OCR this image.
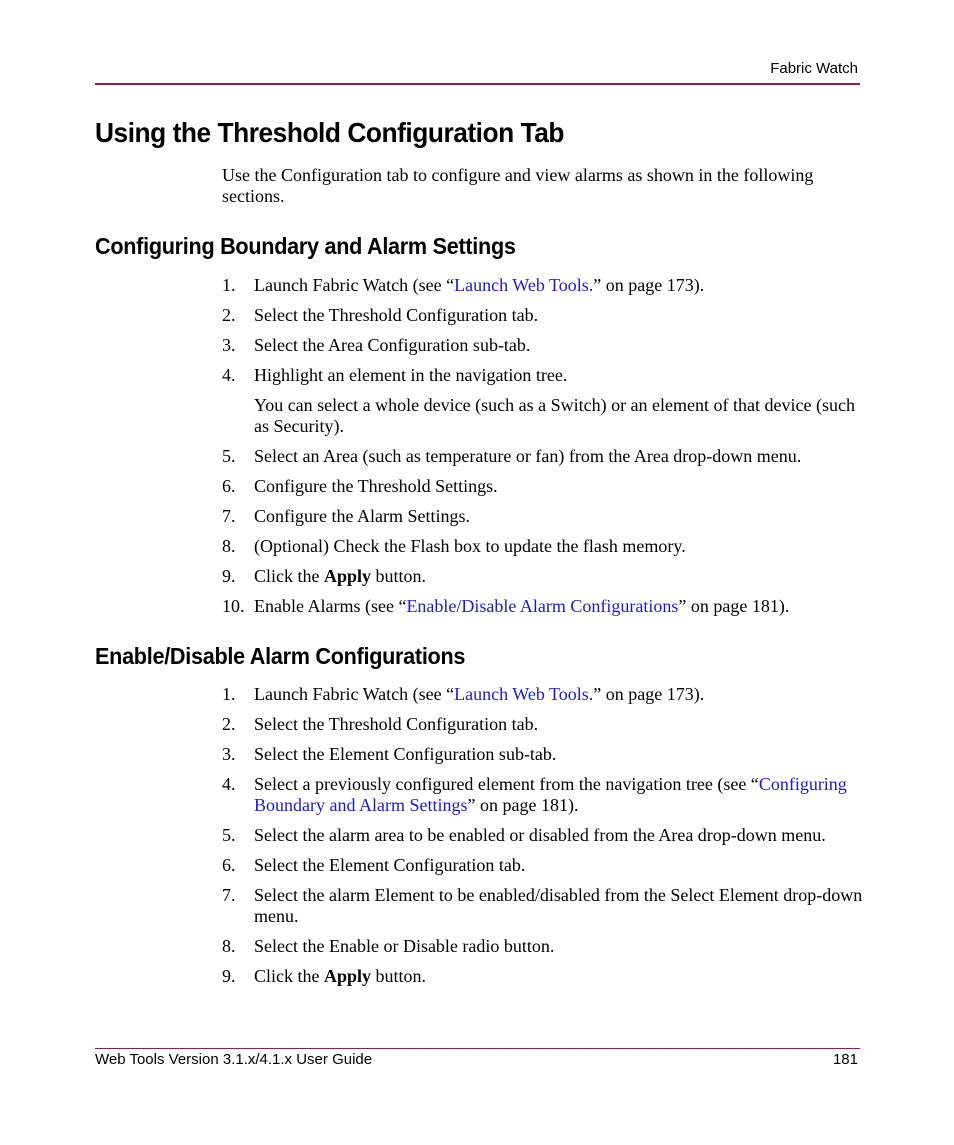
Fabric Watch
Using the Threshold Configuration Tab

Use the Configuration tab to configure and view alarms as shown in the following sections.

Configuring Boundary and Alarm Settings
1. Launch Fabric Watch (see “Launch Web Tools.” on page 173).
2. Select the Threshold Configuration tab.
3. Select the Area Configuration sub-tab.
4. Highlight an element in the navigation tree.
You can select a whole device (such as a Switch) or an element of that device (such as Security).
5. Select an Area (such as temperature or fan) from the Area drop-down menu.
6. Configure the Threshold Settings.
7. Configure the Alarm Settings.
8. (Optional) Check the Flash box to update the flash memory.
9. Click the Apply button.
10. Enable Alarms (see “Enable/Disable Alarm Configurations” on page 181).
Enable/Disable Alarm Configurations
1. Launch Fabric Watch (see “Launch Web Tools.” on page 173).
2. Select the Threshold Configuration tab.
3. Select the Element Configuration sub-tab.
4. Select a previously configured element from the navigation tree (see “Configuring Boundary and Alarm Settings” on page 181).
5. Select the alarm area to be enabled or disabled from the Area drop-down menu.
6. Select the Element Configuration tab.
7. Select the alarm Element to be enabled/disabled from the Select Element drop-down menu.
8. Select the Enable or Disable radio button.
9. Click the Apply button.
Web Tools Version 3.1.x/4.1.x User Guide	181
